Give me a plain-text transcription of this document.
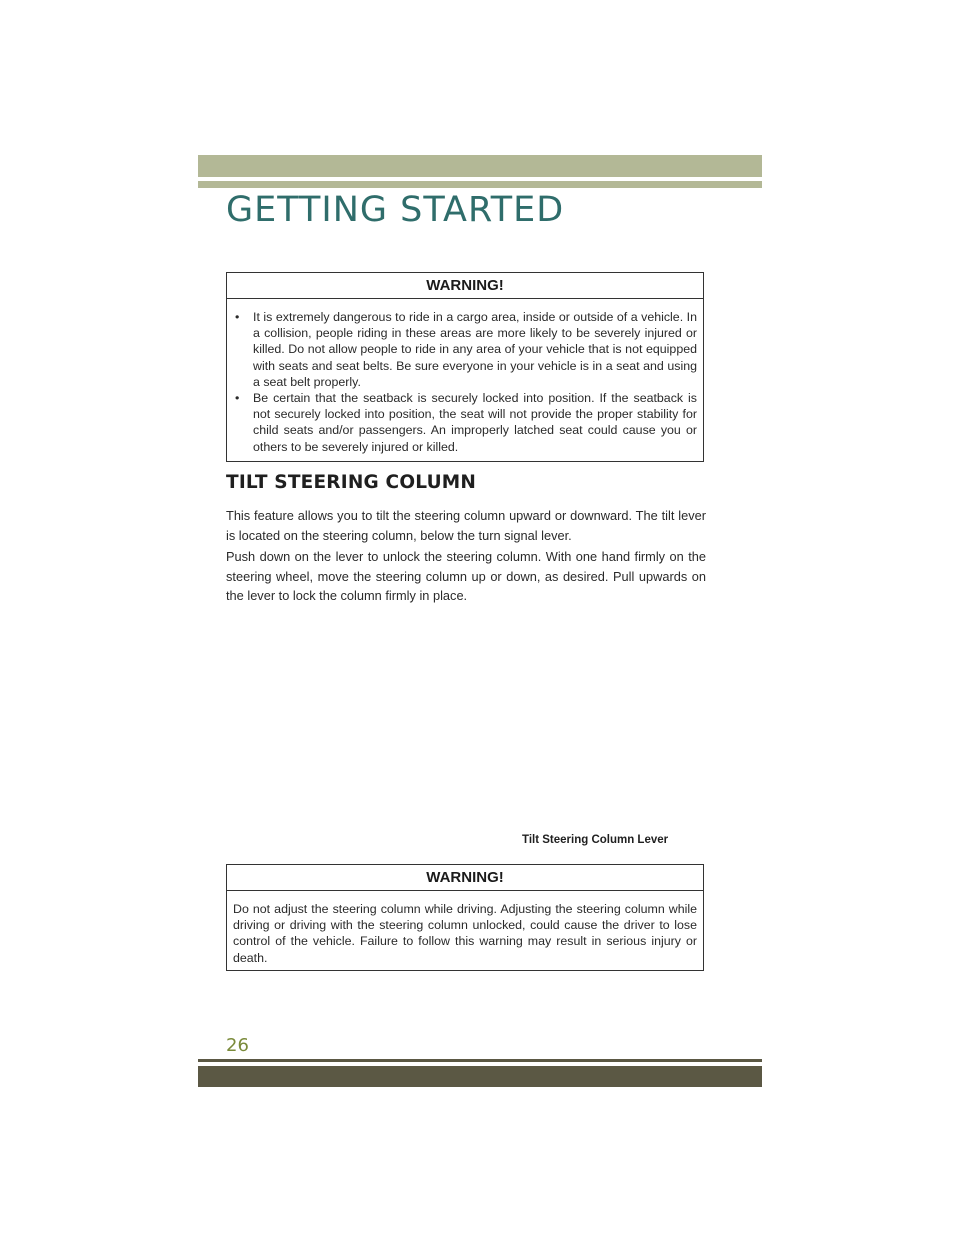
GETTING STARTED
WARNING!
• It is extremely dangerous to ride in a cargo area, inside or outside of a vehicle. In a collision, people riding in these areas are more likely to be severely injured or killed. Do not allow people to ride in any area of your vehicle that is not equipped with seats and seat belts. Be sure everyone in your vehicle is in a seat and using a seat belt properly.
• Be certain that the seatback is securely locked into position. If the seatback is not securely locked into position, the seat will not provide the proper stability for child seats and/or passengers. An improperly latched seat could cause you or others to be severely injured or killed.
TILT STEERING COLUMN

This feature allows you to tilt the steering column upward or downward. The tilt lever is located on the steering column, below the turn signal lever.

Push down on the lever to unlock the steering column. With one hand firmly on the steering wheel, move the steering column up or down, as desired. Pull upwards on the lever to lock the column firmly in place.

Tilt Steering Column Lever
WARNING!
Do not adjust the steering column while driving. Adjusting the steering column while driving or driving with the steering column unlocked, could cause the driver to lose control of the vehicle. Failure to follow this warning may result in serious injury or death.
26
